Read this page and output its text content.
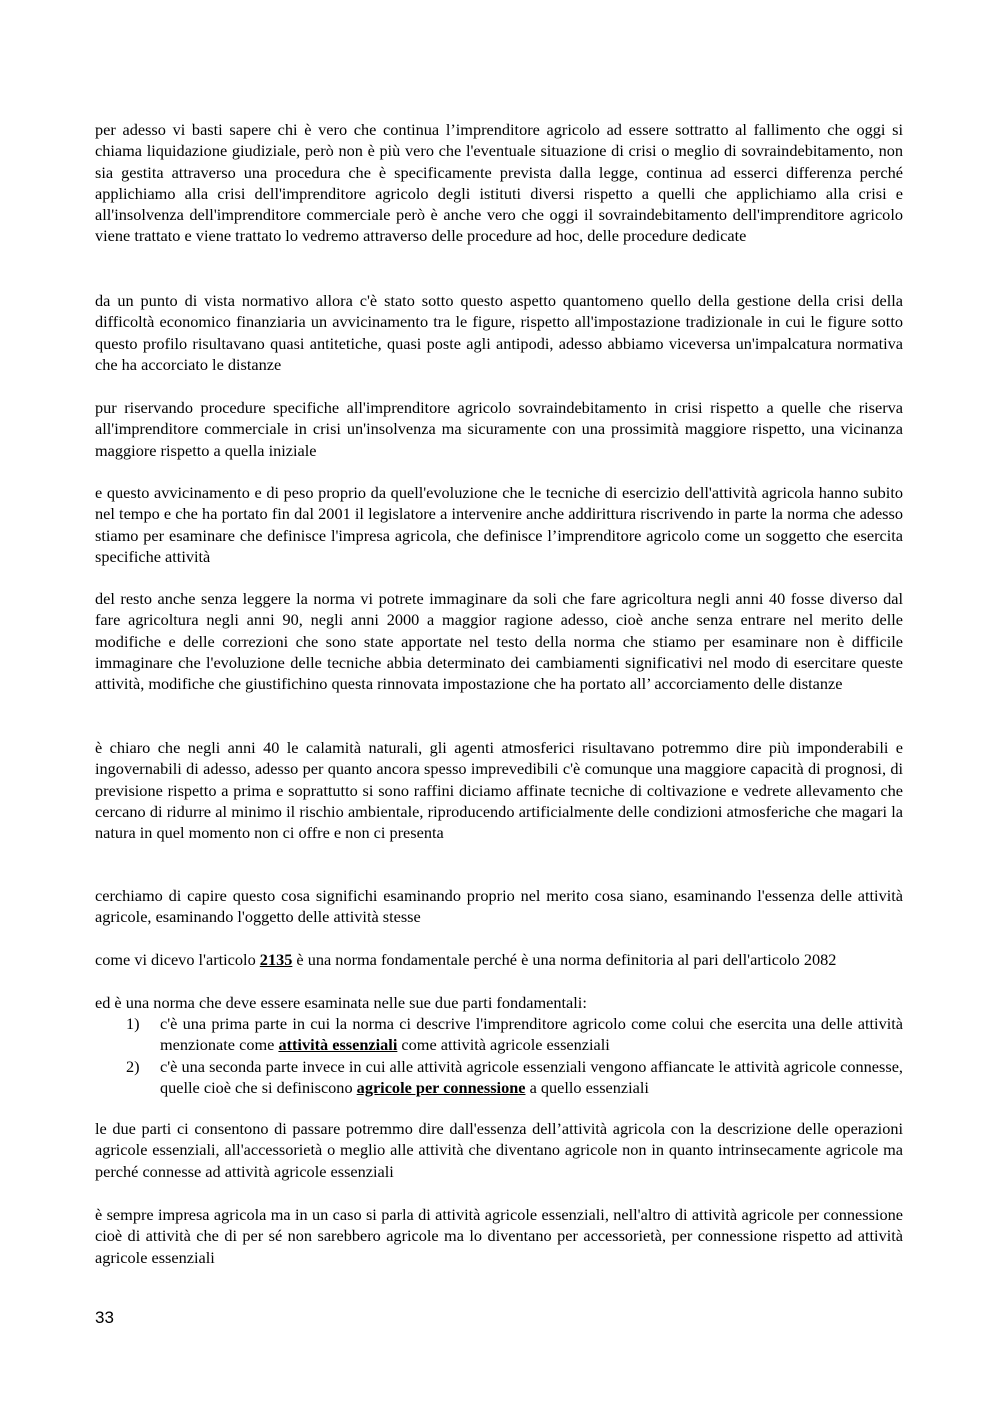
per adesso vi basti sapere chi è vero che continua l’imprenditore agricolo ad essere sottratto al fallimento che oggi si chiama liquidazione giudiziale, però non è più vero che l'eventuale situazione di crisi o meglio di sovraindebitamento, non sia gestita attraverso una procedura che è specificamente prevista dalla legge, continua ad esserci differenza perché applichiamo alla crisi dell'imprenditore agricolo degli istituti diversi rispetto a quelli che applichiamo alla crisi e all'insolvenza dell'imprenditore commerciale però è anche vero che oggi il sovraindebitamento dell'imprenditore agricolo viene trattato e viene trattato lo vedremo attraverso delle procedure ad hoc, delle procedure dedicate

da un punto di vista normativo allora c'è stato sotto questo aspetto quantomeno quello della gestione della crisi della difficoltà economico finanziaria un avvicinamento tra le figure, rispetto all'impostazione tradizionale in cui le figure sotto questo profilo risultavano quasi antitetiche, quasi poste agli antipodi, adesso abbiamo viceversa un'impalcatura normativa che ha accorciato le distanze

pur riservando procedure specifiche all'imprenditore agricolo sovraindebitamento in crisi rispetto a quelle che riserva all'imprenditore commerciale in crisi un'insolvenza ma sicuramente con una prossimità maggiore rispetto, una vicinanza maggiore rispetto a quella iniziale

e questo avvicinamento e di peso proprio da quell'evoluzione che le tecniche di esercizio dell'attività agricola hanno subito nel tempo e che ha portato fin dal 2001 il legislatore a intervenire anche addirittura riscrivendo in parte la norma che adesso stiamo per esaminare che definisce l'impresa agricola, che definisce l’imprenditore agricolo come un soggetto che esercita specifiche attività

del resto anche senza leggere la norma vi potrete immaginare da soli che fare agricoltura negli anni 40 fosse diverso dal fare agricoltura negli anni 90, negli anni 2000 a maggior ragione adesso, cioè anche senza entrare nel merito delle modifiche e delle correzioni che sono state apportate nel testo della norma che stiamo per esaminare non è difficile immaginare che l'evoluzione delle tecniche abbia determinato dei cambiamenti significativi nel modo di esercitare queste attività, modifiche che giustifichino questa rinnovata impostazione che ha portato all’ accorciamento delle distanze

è chiaro che negli anni 40 le calamità naturali, gli agenti atmosferici risultavano potremmo dire più imponderabili e ingovernabili di adesso, adesso per quanto ancora spesso imprevedibili c'è comunque una maggiore capacità di prognosi, di previsione rispetto a prima e soprattutto si sono raffini diciamo affinate tecniche di coltivazione e vedrete allevamento che cercano di ridurre al minimo il rischio ambientale, riproducendo artificialmente delle condizioni atmosferiche che magari la natura in quel momento non ci offre e non ci presenta

cerchiamo di capire questo cosa significhi esaminando proprio nel merito cosa siano, esaminando l'essenza delle attività agricole, esaminando l'oggetto delle attività stesse

come vi dicevo l'articolo 2135 è una norma fondamentale perché è una norma definitoria al pari dell'articolo 2082

ed è una norma che deve essere esaminata nelle sue due parti fondamentali:

1) c'è una prima parte in cui la norma ci descrive l'imprenditore agricolo come colui che esercita una delle attività menzionate come attività essenziali come attività agricole essenziali
2) c'è una seconda parte invece in cui alle attività agricole essenziali vengono affiancate le attività agricole connesse, quelle cioè che si definiscono agricole per connessione a quello essenziali

le due parti ci consentono di passare potremmo dire dall'essenza dell’attività agricola con la descrizione delle operazioni agricole essenziali, all'accessorietà o meglio alle attività che diventano agricole non in quanto intrinsecamente agricole ma perché connesse ad attività agricole essenziali

è sempre impresa agricola ma in un caso si parla di attività agricole essenziali, nell'altro di attività agricole per connessione cioè di attività che di per sé non sarebbero agricole ma lo diventano per accessorietà, per connessione rispetto ad attività agricole essenziali

33
